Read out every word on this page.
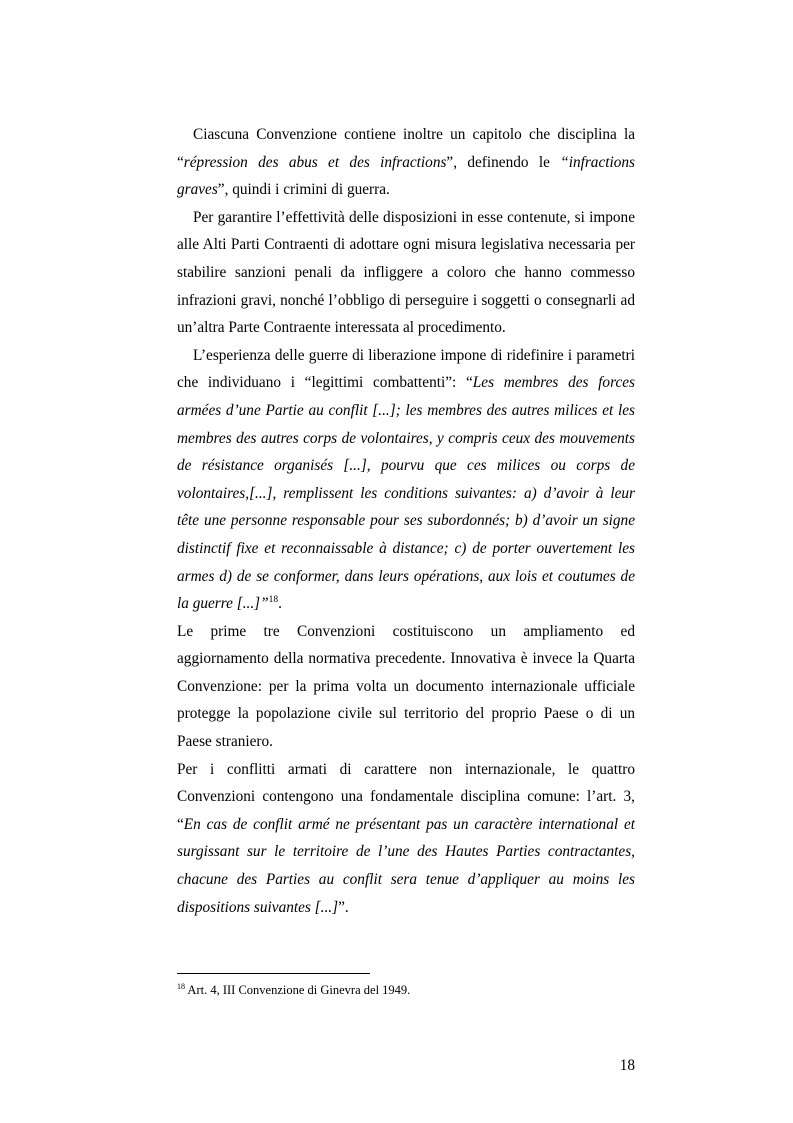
Ciascuna Convenzione contiene inoltre un capitolo che disciplina la “répression des abus et des infractions”, definendo le “infractions graves”, quindi i crimini di guerra.

Per garantire l’effettività delle disposizioni in esse contenute, si impone alle Alti Parti Contraenti di adottare ogni misura legislativa necessaria per stabilire sanzioni penali da infliggere a coloro che hanno commesso infrazioni gravi, nonché l’obbligo di perseguire i soggetti o consegnarli ad un’altra Parte Contraente interessata al procedimento.

L’esperienza delle guerre di liberazione impone di ridefinire i parametri che individuano i “legittimi combattenti”: “Les membres des forces armées d’une Partie au conflit [...]; les membres des autres milices et les membres des autres corps de volontaires, y compris ceux des mouvements de résistance organisés [...], pourvu que ces milices ou corps de volontaires,[...], remplissent les conditions suivantes: a) d’avoir à leur tête une personne responsable pour ses subordonnés; b) d’avoir un signe distinctif fixe et reconnaissable à distance; c) de porter ouvertement les armes d) de se conformer, dans leurs opérations, aux lois et coutumes de la guerre [...]”$^{18}$.

Le prime tre Convenzioni costituiscono un ampliamento ed aggiornamento della normativa precedente. Innovativa è invece la Quarta Convenzione: per la prima volta un documento internazionale ufficiale protegge la popolazione civile sul territorio del proprio Paese o di un Paese straniero.

Per i conflitti armati di carattere non internazionale, le quattro Convenzioni contengono una fondamentale disciplina comune: l’art. 3, “En cas de conflit armé ne présentant pas un caractère international et surgissant sur le territoire de l’une des Hautes Parties contractantes, chacune des Parties au conflit sera tenue d’appliquer au moins les dispositions suivantes [...]”.

$^{18}$ Art. 4, III Convenzione di Ginevra del 1949.

18
